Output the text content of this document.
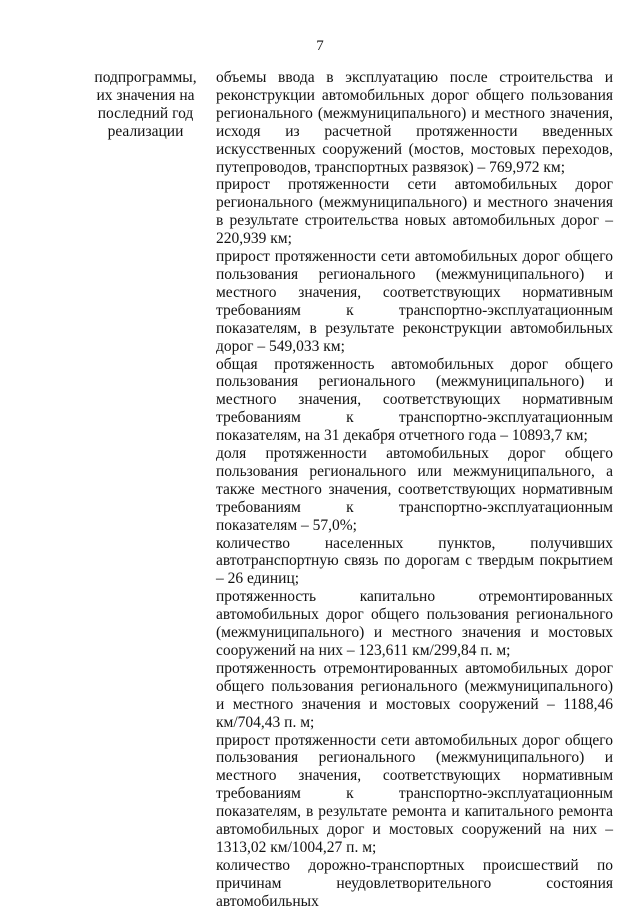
7
подпрограммы,
их значения на
последний год
реализации

объемы ввода в эксплуатацию после строительства и реконструкции автомобильных дорог общего пользования регионального (межмуниципального) и местного значения, исходя из расчетной протяженности введенных искусственных сооружений (мостов, мостовых переходов, путепроводов, транспортных развязок) – 769,972 км;

прирост протяженности сети автомобильных дорог регионального (межмуниципального) и местного значения в результате строительства новых автомобильных дорог – 220,939 км;

прирост протяженности сети автомобильных дорог общего пользования регионального (межмуниципального) и местного значения, соответствующих нормативным требованиям к транспортно-эксплуатационным показателям, в результате реконструкции автомобильных дорог – 549,033 км;

общая протяженность автомобильных дорог общего пользования регионального (межмуниципального) и местного значения, соответствующих нормативным требованиям к транспортно-эксплуатационным показателям, на 31 декабря отчетного года – 10893,7 км;

доля протяженности автомобильных дорог общего пользования регионального или межмуниципального, а также местного значения, соответствующих нормативным требованиям к транспортно-эксплуатационным показателям – 57,0%;

количество населенных пунктов, получивших автотранспортную связь по дорогам с твердым покрытием – 26 единиц;

протяженность капитально отремонтированных автомобильных дорог общего пользования регионального (межмуниципального) и местного значения и мостовых сооружений на них – 123,611 км/299,84 п. м;

протяженность отремонтированных автомобильных дорог общего пользования регионального (межмуниципального) и местного значения и мостовых сооружений – 1188,46 км/704,43 п. м;

прирост протяженности сети автомобильных дорог общего пользования регионального (межмуниципального) и местного значения, соответствующих нормативным требованиям к транспортно-эксплуатационным показателям, в результате ремонта и капитального ремонта автомобильных дорог и мостовых сооружений на них – 1313,02 км/1004,27 п. м;

количество дорожно-транспортных происшествий по причинам неудовлетворительного состояния автомобильных
